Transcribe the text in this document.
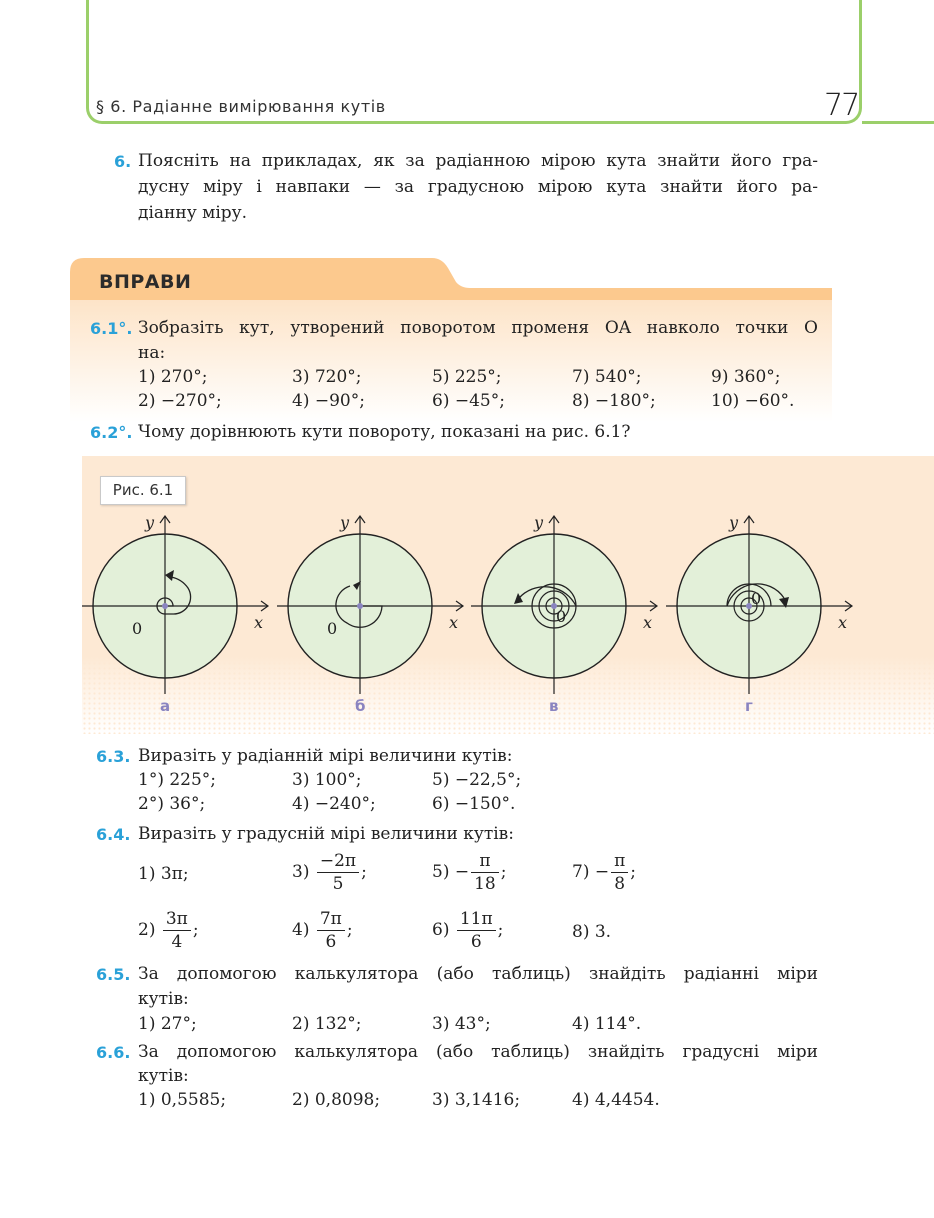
§ 6. Радіанне вимірювання кутів	77
6. Поясніть на прикладах, як за радіанною мірою кута знайти його гра-
дусну міру і навпаки — за градусною мірою кута знайти його ра-
діанну міру.
ВПРАВИ
6.1°. Зобразіть кут, утворений поворотом променя OA навколо точки O
на:
1) 270°;	3) 720°;	5) 225°;	7) 540°;	9) 360°;
2) −270°;	4) −90°;	6) −45°;	8) −180°;	10) −60°.
6.2°. Чому дорівнюють кути повороту, показані на рис. 6.1?
Рис. 6.1
0	x
y
0	x
y
0	x
y
0
x
y
а	б	в	г
6.3. Виразіть у радіанній мірі величини кутів:
1°) 225°;	3) 100°;	5) −22,5°;
2°) 36°;	4) −240°;	6) −150°.
6.4. Виразіть у градусній мірі величини кутів:
1) 3π;	$3) \frac{-2\pi}{5}$ ;	$5) - \frac{\pi}{18}$ ;	$7) - \frac{\pi}{8}$ ;
$2) \frac{3\pi}{4}$ ;	$4) \frac{7\pi}{6}$ ;	$6) \frac{11\pi}{6}$ ;	8) 3.
6.5. За допомогою калькулятора (або таблиць) знайдіть радіанні міри
кутів:
1) 27°;	2) 132°;	3) 43°;	4) 114°.
6.6. За допомогою калькулятора (або таблиць) знайдіть градусні міри
кутів:
1) 0,5585;	2) 0,8098;	3) 3,1416;	4) 4,4454.
